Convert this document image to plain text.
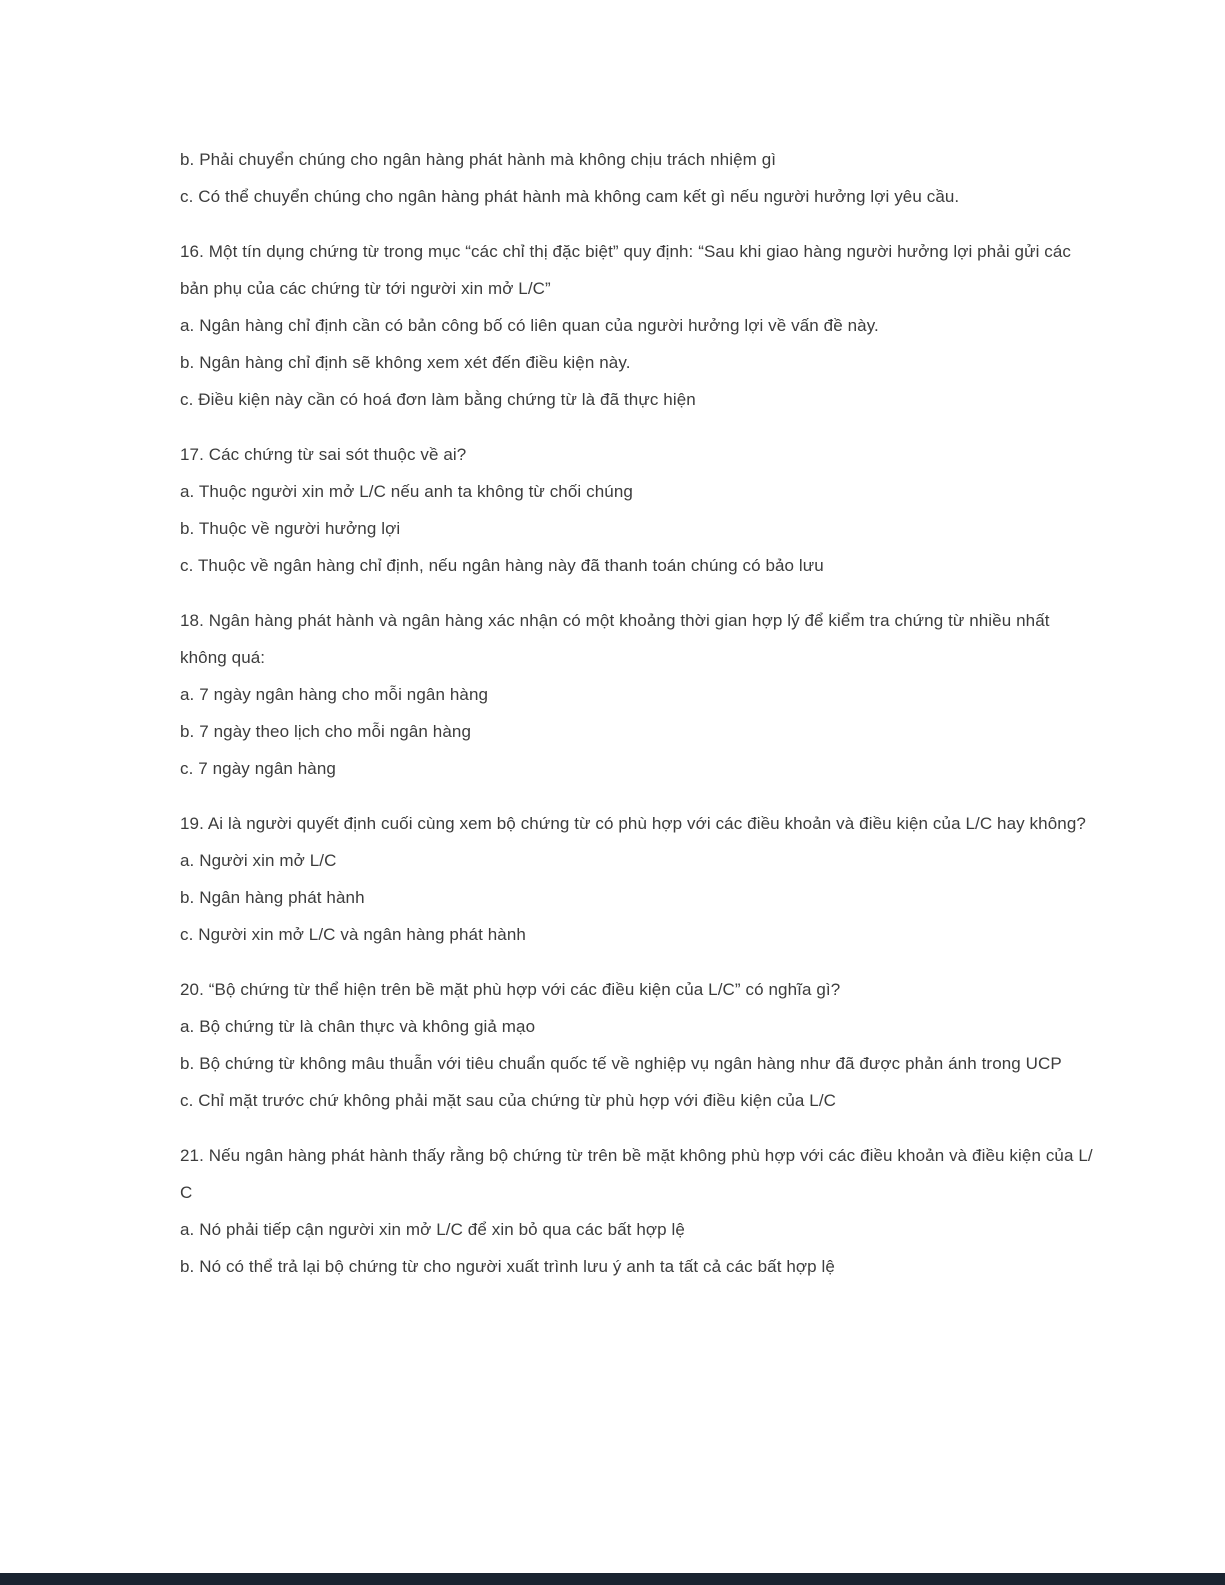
b. Phải chuyển chúng cho ngân hàng phát hành mà không chịu trách nhiệm gì

c. Có thể chuyển chúng cho ngân hàng phát hành mà không cam kết gì nếu người hưởng lợi yêu cầu.

16. Một tín dụng chứng từ trong mục “các chỉ thị đặc biệt” quy định: “Sau khi giao hàng người hưởng lợi phải gửi các

bản phụ của các chứng từ tới người xin mở L/C”

a. Ngân hàng chỉ định cần có bản công bố có liên quan của người hưởng lợi về vấn đề này.

b. Ngân hàng chỉ định sẽ không xem xét đến điều kiện này.

c. Điều kiện này cần có hoá đơn làm bằng chứng từ là đã thực hiện

17. Các chứng từ sai sót thuộc về ai?

a. Thuộc người xin mở L/C nếu anh ta không từ chối chúng

b. Thuộc về người hưởng lợi

c. Thuộc về ngân hàng chỉ định, nếu ngân hàng này đã thanh toán chúng có bảo lưu

18. Ngân hàng phát hành và ngân hàng xác nhận có một khoảng thời gian hợp lý để kiểm tra chứng từ nhiều nhất

không quá:

a. 7 ngày ngân hàng cho mỗi ngân hàng

b. 7 ngày theo lịch cho mỗi ngân hàng

c. 7 ngày ngân hàng

19. Ai là người quyết định cuối cùng xem bộ chứng từ có phù hợp với các điều khoản và điều kiện của L/C hay không?

a. Người xin mở L/C

b. Ngân hàng phát hành

c. Người xin mở L/C và ngân hàng phát hành

20. “Bộ chứng từ thể hiện trên bề mặt phù hợp với các điều kiện của L/C” có nghĩa gì?

a. Bộ chứng từ là chân thực và không giả mạo

b. Bộ chứng từ không mâu thuẫn với tiêu chuẩn quốc tế về nghiệp vụ ngân hàng như đã được phản ánh trong UCP

c. Chỉ mặt trước chứ không phải mặt sau của chứng từ phù hợp với điều kiện của L/C

21. Nếu ngân hàng phát hành thấy rằng bộ chứng từ trên bề mặt không phù hợp với các điều khoản và điều kiện của L/

C

a. Nó phải tiếp cận người xin mở L/C để xin bỏ qua các bất hợp lệ

b. Nó có thể trả lại bộ chứng từ cho người xuất trình lưu ý anh ta tất cả các bất hợp lệ
